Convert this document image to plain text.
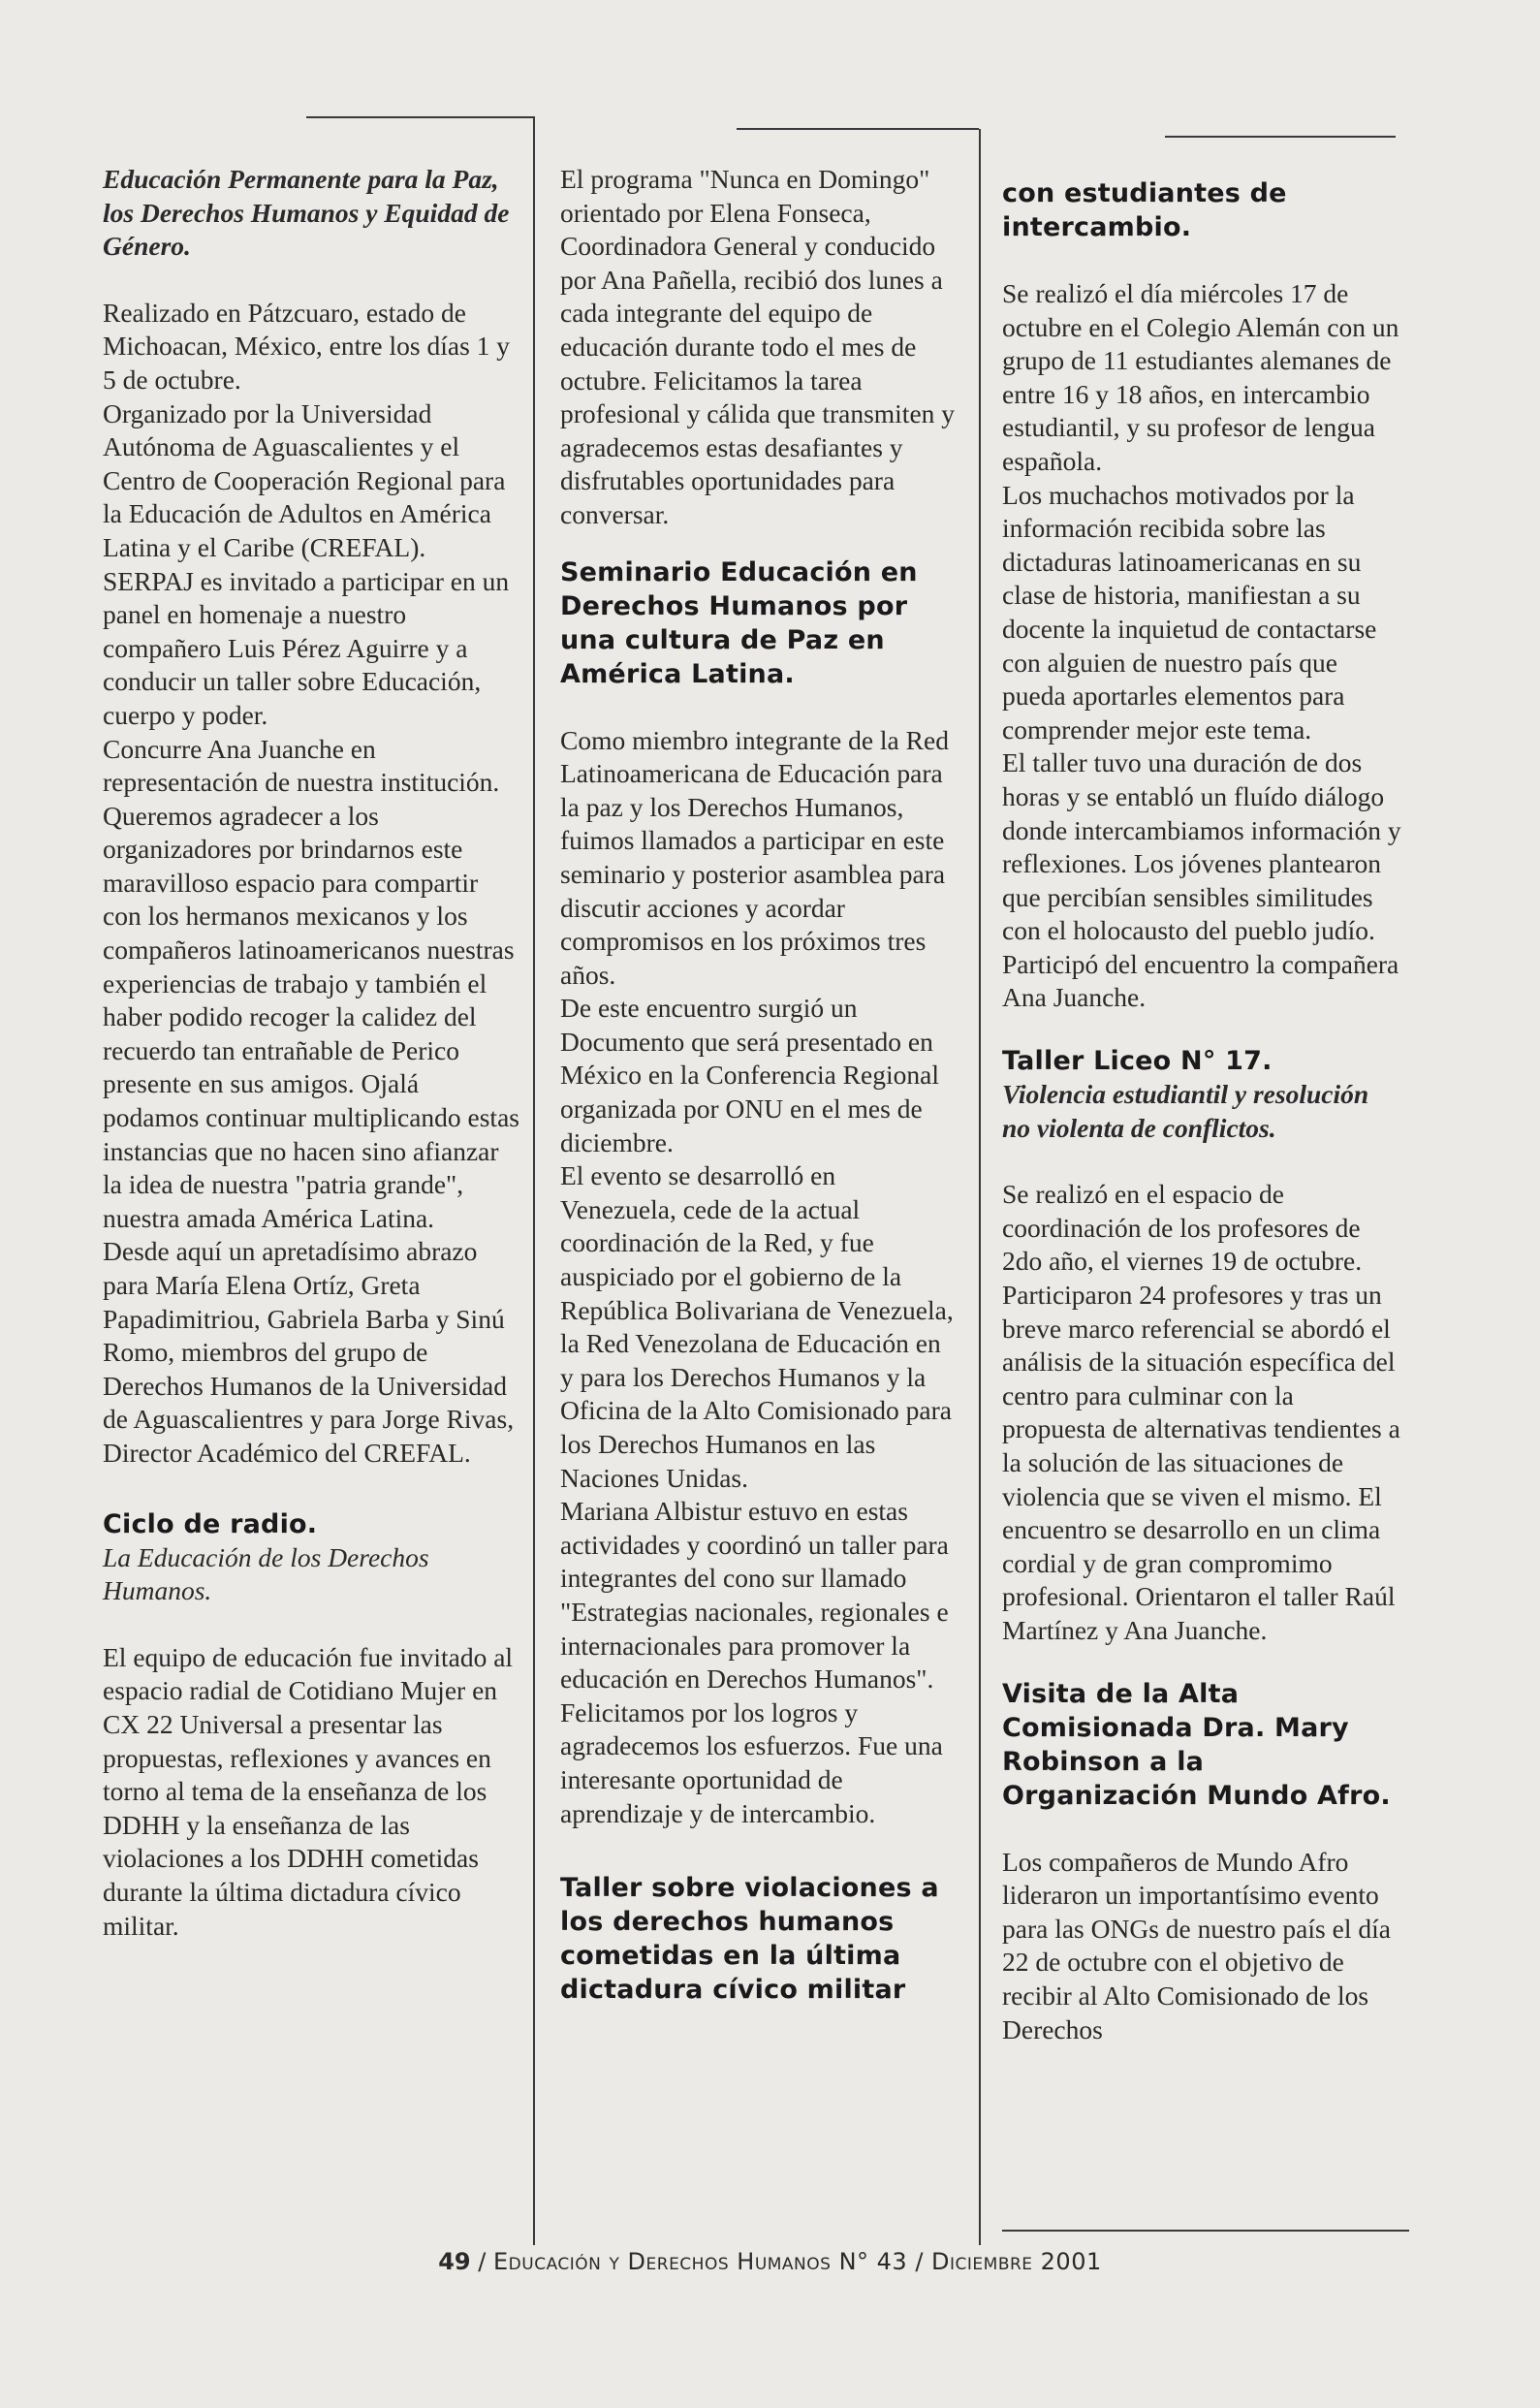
Educación Permanente para la Paz, los Derechos Humanos y Equidad de Género.

Realizado en Pátzcuaro, estado de Michoacan, México, entre los días 1 y 5 de octubre.

Organizado por la Universidad Autónoma de Aguascalientes y el Centro de Cooperación Regional para la Educación de Adultos en América Latina y el Caribe (CREFAL).

SERPAJ es invitado a participar en un panel en homenaje a nuestro compañero Luis Pérez Aguirre y a conducir un taller sobre Educación, cuerpo y poder.

Concurre Ana Juanche en representación de nuestra institución. Queremos agradecer a los organizadores por brindarnos este maravilloso espacio para compartir con los hermanos mexicanos y los compañeros latinoamericanos nuestras experiencias de trabajo y también el haber podido recoger la calidez del recuerdo tan entrañable de Perico presente en sus amigos. Ojalá podamos continuar multiplicando estas instancias que no hacen sino afianzar la idea de nuestra "patria grande", nuestra amada América Latina.

Desde aquí un apretadísimo abrazo para María Elena Ortíz, Greta Papadimitriou, Gabriela Barba y Sinú Romo, miembros del grupo de Derechos Humanos de la Universidad de Aguascalientres y para Jorge Rivas, Director Académico del CREFAL.

Ciclo de radio.

La Educación de los Derechos Humanos.

El equipo de educación fue invitado al espacio radial de Cotidiano Mujer en CX 22 Universal a presentar las propuestas, reflexiones y avances en torno al tema de la enseñanza de los DDHH y la enseñanza de las violaciones a los DDHH cometidas durante la última dictadura cívico militar.

El programa "Nunca en Domingo" orientado por Elena Fonseca, Coordinadora General y conducido por Ana Pañella, recibió dos lunes a cada integrante del equipo de educación durante todo el mes de octubre. Felicitamos la tarea profesional y cálida que transmiten y agradecemos estas desafiantes y disfrutables oportunidades para conversar.

Seminario Educación en Derechos Humanos por una cultura de Paz en América Latina.

Como miembro integrante de la Red Latinoamericana de Educación para la paz y los Derechos Humanos, fuimos llamados a participar en este seminario y posterior asamblea para discutir acciones y acordar compromisos en los próximos tres años.

De este encuentro surgió un Documento que será presentado en México en la Conferencia Regional organizada por ONU en el mes de diciembre.

El evento se desarrolló en Venezuela, cede de la actual coordinación de la Red, y fue auspiciado por el gobierno de la República Bolivariana de Venezuela, la Red Venezolana de Educación en y para los Derechos Humanos y la Oficina de la Alto Comisionado para los Derechos Humanos en las Naciones Unidas.

Mariana Albistur estuvo en estas actividades y coordinó un taller para integrantes del cono sur llamado "Estrategias nacionales, regionales e internacionales para promover la educación en Derechos Humanos".

Felicitamos por los logros y agradecemos los esfuerzos. Fue una interesante oportunidad de aprendizaje y de intercambio.

Taller sobre violaciones a los derechos humanos cometidas en la última dictadura cívico militar

con estudiantes de intercambio.

Se realizó el día miércoles 17 de octubre en el Colegio Alemán con un grupo de 11 estudiantes alemanes de entre 16 y 18 años, en intercambio estudiantil, y su profesor de lengua española.

Los muchachos motivados por la información recibida sobre las dictaduras latinoamericanas en su clase de historia, manifiestan a su docente la inquietud de contactarse con alguien de nuestro país que pueda aportarles elementos para comprender mejor este tema.

El taller tuvo una duración de dos horas y se entabló un fluído diálogo donde intercambiamos información y reflexiones. Los jóvenes plantearon que percibían sensibles similitudes con el holocausto del pueblo judío. Participó del encuentro la compañera Ana Juanche.

Taller Liceo N° 17.

Violencia estudiantil y resolución no violenta de conflictos.

Se realizó en el espacio de coordinación de los profesores de 2do año, el viernes 19 de octubre. Participaron 24 profesores y tras un breve marco referencial se abordó el análisis de la situación específica del centro para culminar con la propuesta de alternativas tendientes a la solución de las situaciones de violencia que se viven el mismo. El encuentro se desarrollo en un clima cordial y de gran compromimo profesional. Orientaron el taller Raúl Martínez y Ana Juanche.

Visita de la Alta Comisionada Dra. Mary Robinson a la Organización Mundo Afro.

Los compañeros de Mundo Afro lideraron un importantísimo evento para las ONGs de nuestro país el día 22 de octubre con el objetivo de recibir al Alto Comisionado de los Derechos

49 / Educación y Derechos Humanos N° 43 / Diciembre 2001
